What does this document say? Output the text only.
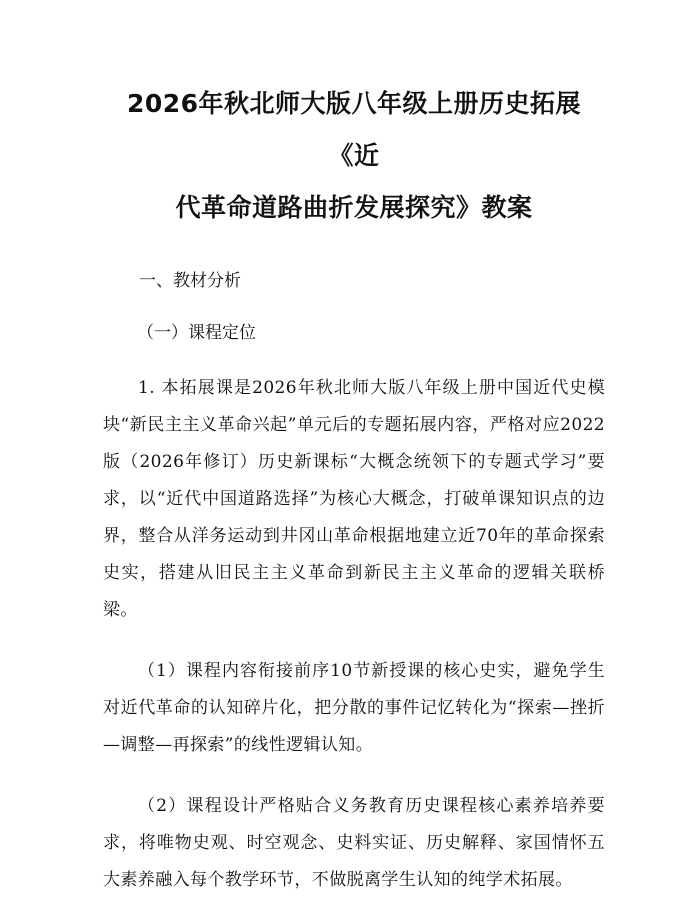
2026年秋北师大版八年级上册历史拓展《近
代革命道路曲折发展探究》教案

一、教材分析

（一）课程定位

1. 本拓展课是2026年秋北师大版八年级上册中国近代史模块“新民主主义革命兴起”单元后的专题拓展内容，严格对应2022版（2026年修订）历史新课标“大概念统领下的专题式学习”要求，以“近代中国道路选择”为核心大概念，打破单课知识点的边界，整合从洋务运动到井冈山革命根据地建立近70年的革命探索史实，搭建从旧民主主义革命到新民主主义革命的逻辑关联桥梁。

（1）课程内容衔接前序10节新授课的核心史实，避免学生对近代革命的认知碎片化，把分散的事件记忆转化为“探索—挫折—调整—再探索”的线性逻辑认知。

（2）课程设计严格贴合义务教育历史课程核心素养培养要求，将唯物史观、时空观念、史料实证、历史解释、家国情怀五大素养融入每个教学环节，不做脱离学生认知的纯学术拓展。
